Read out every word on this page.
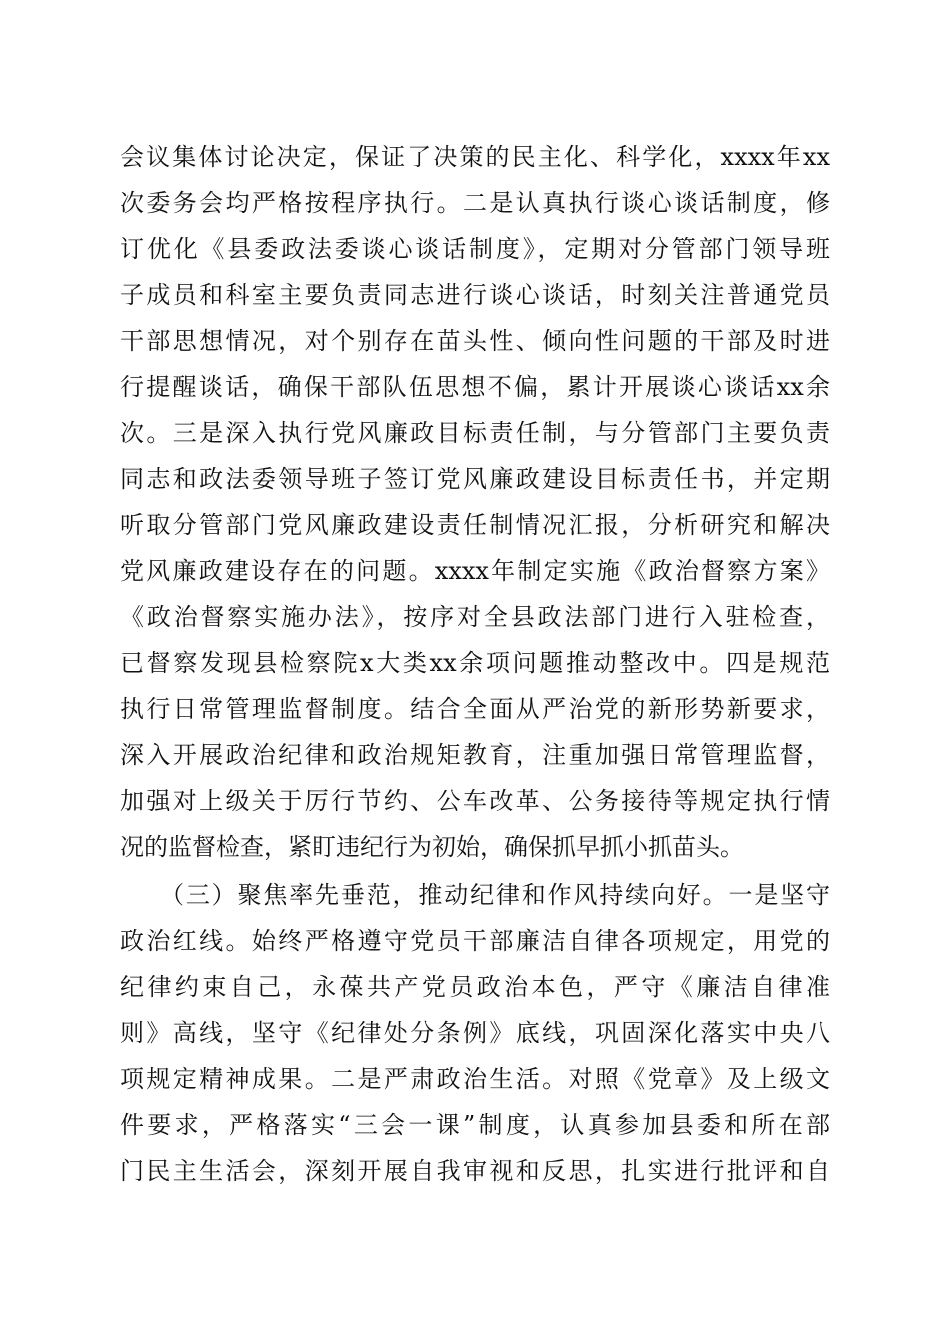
会议集体讨论决定，保证了决策的民主化、科学化，xxxx年xx
次委务会均严格按程序执行。二是认真执行谈心谈话制度，修
订优化《县委政法委谈心谈话制度》，定期对分管部门领导班
子成员和科室主要负责同志进行谈心谈话，时刻关注普通党员
干部思想情况，对个别存在苗头性、倾向性问题的干部及时进
行提醒谈话，确保干部队伍思想不偏，累计开展谈心谈话xx余
次。三是深入执行党风廉政目标责任制，与分管部门主要负责
同志和政法委领导班子签订党风廉政建设目标责任书，并定期
听取分管部门党风廉政建设责任制情况汇报，分析研究和解决
党风廉政建设存在的问题。xxxx年制定实施《政治督察方案》
《政治督察实施办法》，按序对全县政法部门进行入驻检查，
已督察发现县检察院x大类xx余项问题推动整改中。四是规范
执行日常管理监督制度。结合全面从严治党的新形势新要求，
深入开展政治纪律和政治规矩教育，注重加强日常管理监督，
加强对上级关于厉行节约、公车改革、公务接待等规定执行情
况的监督检查，紧盯违纪行为初始，确保抓早抓小抓苗头。
（三）聚焦率先垂范，推动纪律和作风持续向好。一是坚守
政治红线。始终严格遵守党员干部廉洁自律各项规定，用党的
纪律约束自己，永葆共产党员政治本色，严守《廉洁自律准
则》高线，坚守《纪律处分条例》底线，巩固深化落实中央八
项规定精神成果。二是严肃政治生活。对照《党章》及上级文
件要求，严格落实“三会一课”制度，认真参加县委和所在部
门民主生活会，深刻开展自我审视和反思，扎实进行批评和自
